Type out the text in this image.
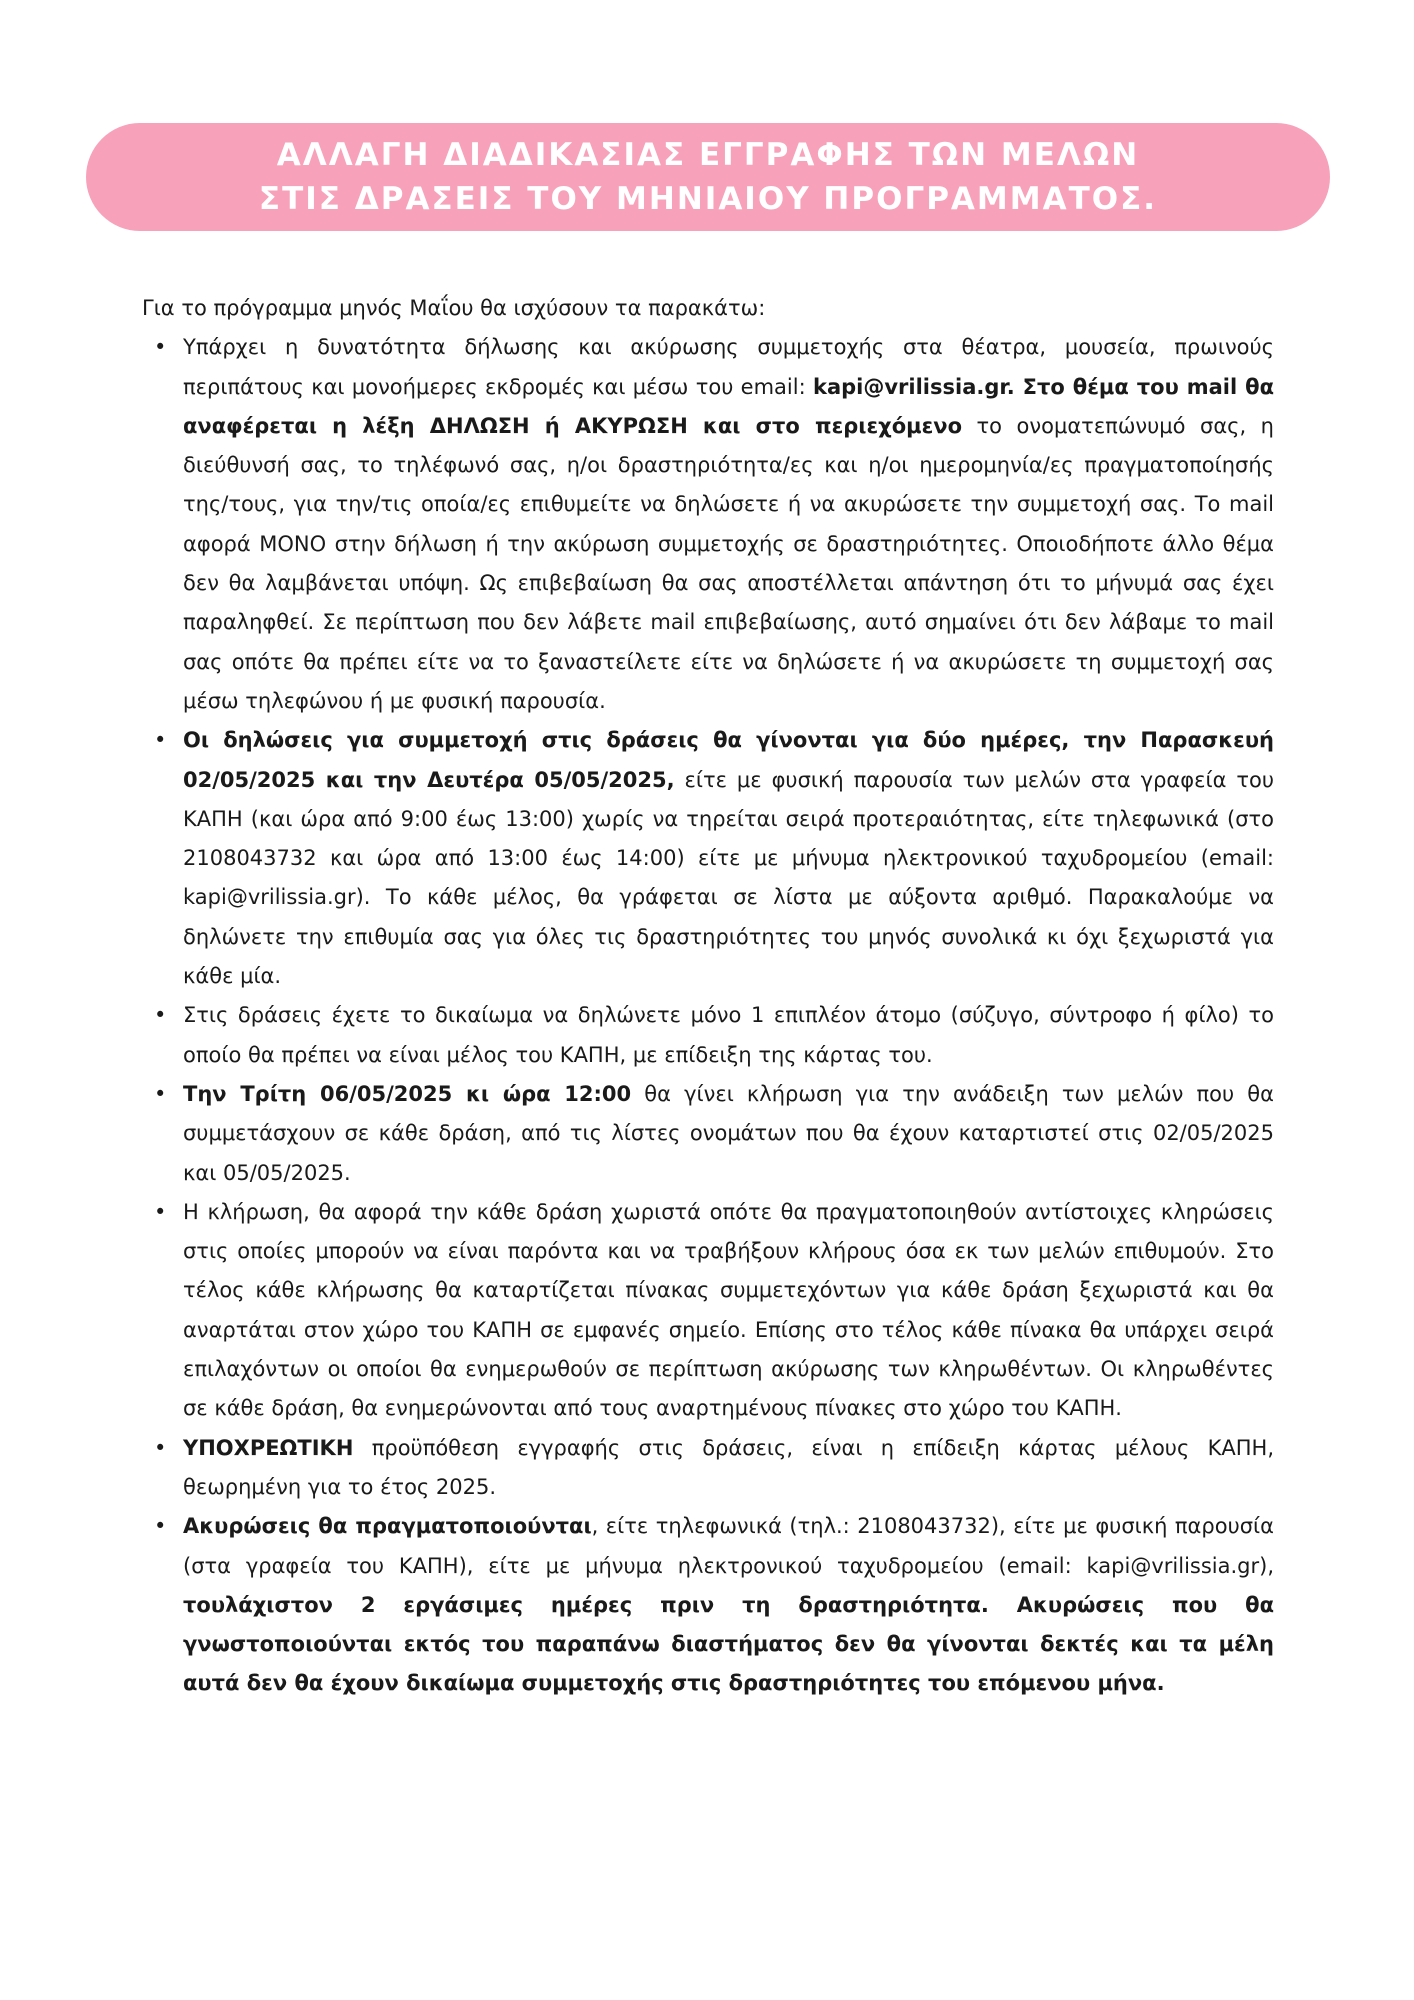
ΑΛΛΑΓΗ ΔΙΑΔΙΚΑΣΙΑΣ ΕΓΓΡΑΦΗΣ ΤΩΝ ΜΕΛΩΝ
ΣΤΙΣ ΔΡΑΣΕΙΣ ΤΟΥ ΜΗΝΙΑΙΟΥ ΠΡΟΓΡΑΜΜΑΤΟΣ.

Για το πρόγραμμα μηνός Μαΐου θα ισχύσουν τα παρακάτω:

• Υπάρχει η δυνατότητα δήλωσης και ακύρωσης συμμετοχής στα θέατρα, μουσεία, πρωινούς περιπάτους και μονοήμερες εκδρομές και μέσω του email: kapi@vrilissia.gr. Στο θέμα του mail θα αναφέρεται η λέξη ΔΗΛΩΣΗ ή ΑΚΥΡΩΣΗ και στο περιεχόμενο το ονοματεπώνυμό σας, η διεύθυνσή σας, το τηλέφωνό σας, η/οι δραστηριότητα/ες και η/οι ημερομηνία/ες πραγματοποίησής της/τους, για την/τις οποία/ες επιθυμείτε να δηλώσετε ή να ακυρώσετε την συμμετοχή σας. Το mail αφορά ΜΟΝΟ στην δήλωση ή την ακύρωση συμμετοχής σε δραστηριότητες. Οποιοδήποτε άλλο θέμα δεν θα λαμβάνεται υπόψη. Ως επιβεβαίωση θα σας αποστέλλεται απάντηση ότι το μήνυμά σας έχει παραληφθεί. Σε περίπτωση που δεν λάβετε mail επιβεβαίωσης, αυτό σημαίνει ότι δεν λάβαμε το mail σας οπότε θα πρέπει είτε να το ξαναστείλετε είτε να δηλώσετε ή να ακυρώσετε τη συμμετοχή σας μέσω τηλεφώνου ή με φυσική παρουσία.
• Οι δηλώσεις για συμμετοχή στις δράσεις θα γίνονται για δύο ημέρες, την Παρασκευή 02/05/2025 και την Δευτέρα 05/05/2025, είτε με φυσική παρουσία των μελών στα γραφεία του ΚΑΠΗ (και ώρα από 9:00 έως 13:00) χωρίς να τηρείται σειρά προτεραιότητας, είτε τηλεφωνικά (στο 2108043732 και ώρα από 13:00 έως 14:00) είτε με μήνυμα ηλεκτρονικού ταχυδρομείου (email: kapi@vrilissia.gr). Το κάθε μέλος, θα γράφεται σε λίστα με αύξοντα αριθμό. Παρακαλούμε να δηλώνετε την επιθυμία σας για όλες τις δραστηριότητες του μηνός συνολικά κι όχι ξεχωριστά για κάθε μία.
• Στις δράσεις έχετε το δικαίωμα να δηλώνετε μόνο 1 επιπλέον άτομο (σύζυγο, σύντροφο ή φίλο) το οποίο θα πρέπει να είναι μέλος του ΚΑΠΗ, με επίδειξη της κάρτας του.
• Την Τρίτη 06/05/2025 κι ώρα 12:00 θα γίνει κλήρωση για την ανάδειξη των μελών που θα συμμετάσχουν σε κάθε δράση, από τις λίστες ονομάτων που θα έχουν καταρτιστεί στις 02/05/2025 και 05/05/2025.
• Η κλήρωση, θα αφορά την κάθε δράση χωριστά οπότε θα πραγματοποιηθούν αντίστοιχες κληρώσεις στις οποίες μπορούν να είναι παρόντα και να τραβήξουν κλήρους όσα εκ των μελών επιθυμούν. Στο τέλος κάθε κλήρωσης θα καταρτίζεται πίνακας συμμετεχόντων για κάθε δράση ξεχωριστά και θα αναρτάται στον χώρο του ΚΑΠΗ σε εμφανές σημείο. Επίσης στο τέλος κάθε πίνακα θα υπάρχει σειρά επιλαχόντων οι οποίοι θα ενημερωθούν σε περίπτωση ακύρωσης των κληρωθέντων. Οι κληρωθέντες σε κάθε δράση, θα ενημερώνονται από τους αναρτημένους πίνακες στο χώρο του ΚΑΠΗ.
• ΥΠΟΧΡΕΩΤΙΚΗ προϋπόθεση εγγραφής στις δράσεις, είναι η επίδειξη κάρτας μέλους ΚΑΠΗ, θεωρημένη για το έτος 2025.
• Ακυρώσεις θα πραγματοποιούνται, είτε τηλεφωνικά (τηλ.: 2108043732), είτε με φυσική παρουσία (στα γραφεία του ΚΑΠΗ), είτε με μήνυμα ηλεκτρονικού ταχυδρομείου (email: kapi@vrilissia.gr), τουλάχιστον 2 εργάσιμες ημέρες πριν τη δραστηριότητα. Ακυρώσεις που θα γνωστοποιούνται εκτός του παραπάνω διαστήματος δεν θα γίνονται δεκτές και τα μέλη αυτά δεν θα έχουν δικαίωμα συμμετοχής στις δραστηριότητες του επόμενου μήνα.
